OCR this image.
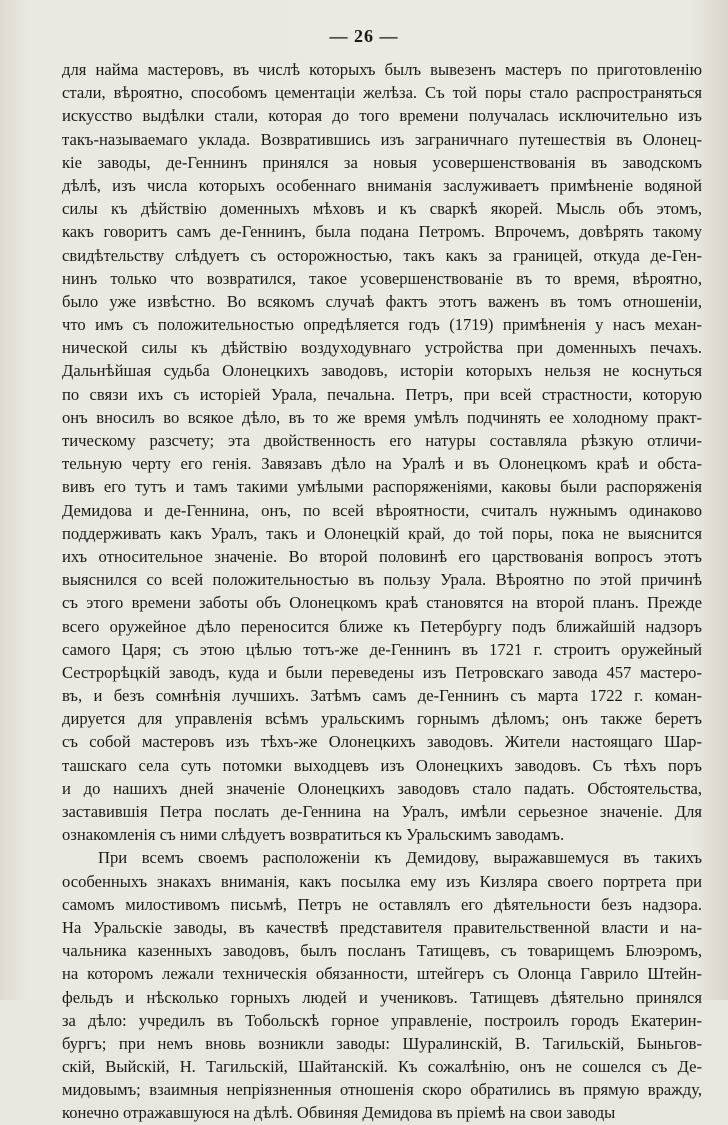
— 26 —
для найма мастеровъ, въ числѣ которыхъ былъ вывезенъ мастеръ по приготовленію
стали, вѣроятно, способомъ цементаціи желѣза. Съ той поры стало распространяться
искусство выдѣлки стали, которая до того времени получалась исключительно изъ
такъ-называемаго уклада. Возвратившись изъ заграничнаго путешествія въ Олонец-
кіе заводы, де-Геннинъ принялся за новыя усовершенствованія въ заводскомъ
дѣлѣ, изъ числа которыхъ особеннаго вниманія заслуживаетъ примѣненіе водяной
силы къ дѣйствію доменныхъ мѣховъ и къ сваркѣ якорей. Мысль объ этомъ,
какъ говоритъ самъ де-Геннинъ, была подана Петромъ. Впрочемъ, довѣрять такому
свидѣтельству слѣдуетъ съ осторожностью, такъ какъ за границей, откуда де-Ген-
нинъ только что возвратился, такое усовершенствованіе въ то время, вѣроятно,
было уже извѣстно. Во всякомъ случаѣ фактъ этотъ важенъ въ томъ отношеніи,
что имъ съ положительностью опредѣляется годъ (1719) примѣненія у насъ механ-
нической силы къ дѣйствію воздуходувнаго устройства при доменныхъ печахъ.
Дальнѣйшая судьба Олонецкихъ заводовъ, исторіи которыхъ нельзя не коснуться
по связи ихъ съ исторіей Урала, печальна. Петръ, при всей страстности, которую
онъ вносилъ во всякое дѣло, въ то же время умѣлъ подчинять ее холодному практ-
тическому разсчету; эта двойственность его натуры составляла рѣзкую отличи-
тельную черту его генія. Завязавъ дѣло на Уралѣ и въ Олонецкомъ краѣ и обста-
вивъ его тутъ и тамъ такими умѣлыми распоряженіями, каковы были распоряженія
Демидова и де-Геннина, онъ, по всей вѣроятности, считалъ нужнымъ одинаково
поддерживать какъ Уралъ, такъ и Олонецкій край, до той поры, пока не выяснится
ихъ относительное значеніе. Во второй половинѣ его царствованія вопросъ этотъ
выяснился со всей положительностью въ пользу Урала. Вѣроятно по этой причинѣ
съ этого времени заботы объ Олонецкомъ краѣ становятся на второй планъ. Прежде
всего оружейное дѣло переносится ближе къ Петербургу подъ ближайшій надзоръ
самого Царя; съ этою цѣлью тотъ-же де-Геннинъ въ 1721 г. строитъ оружейный
Сестрорѣцкій заводъ, куда и были переведены изъ Петровскаго завода 457 мастеро-
въ, и безъ сомнѣнія лучшихъ. Затѣмъ самъ де-Геннинъ съ марта 1722 г. коман-
дируется для управленія всѣмъ уральскимъ горнымъ дѣломъ; онъ также беретъ
съ собой мастеровъ изъ тѣхъ-же Олонецкихъ заводовъ. Жители настоящаго Шар-
ташскаго села суть потомки выходцевъ изъ Олонецкихъ заводовъ. Съ тѣхъ поръ
и до нашихъ дней значеніе Олонецкихъ заводовъ стало падать. Обстоятельства,
заставившія Петра послать де-Геннина на Уралъ, имѣли серьезное значеніе. Для
ознакомленія съ ними слѣдуетъ возвратиться къ Уральскимъ заводамъ.
При всемъ своемъ расположеніи къ Демидову, выражавшемуся въ такихъ
особенныхъ знакахъ вниманія, какъ посылка ему изъ Кизляра своего портрета при
самомъ милостивомъ письмѣ, Петръ не оставлялъ его дѣятельности безъ надзора.
На Уральскіе заводы, въ качествѣ представителя правительственной власти и на-
чальника казенныхъ заводовъ, былъ посланъ Татищевъ, съ товарищемъ Блюэромъ,
на которомъ лежали техническія обязанности, штейгеръ съ Олонца Гаврило Штейн-
фельдъ и нѣсколько горныхъ людей и учениковъ. Татищевъ дѣятельно принялся
за дѣло: учредилъ въ Тобольскѣ горное управленіе, построилъ городъ Екатерин-
бургъ; при немъ вновь возникли заводы: Шуралинскій, В. Тагильскій, Быньгов-
скій, Выйскій, Н. Тагильскій, Шайтанскій. Къ сожалѣнію, онъ не сошелся съ Де-
мидовымъ; взаимныя непріязненныя отношенія скоро обратились въ прямую вражду,
конечно отражавшуюся на дѣлѣ. Обвиняя Демидова въ пріемѣ на свои заводы
